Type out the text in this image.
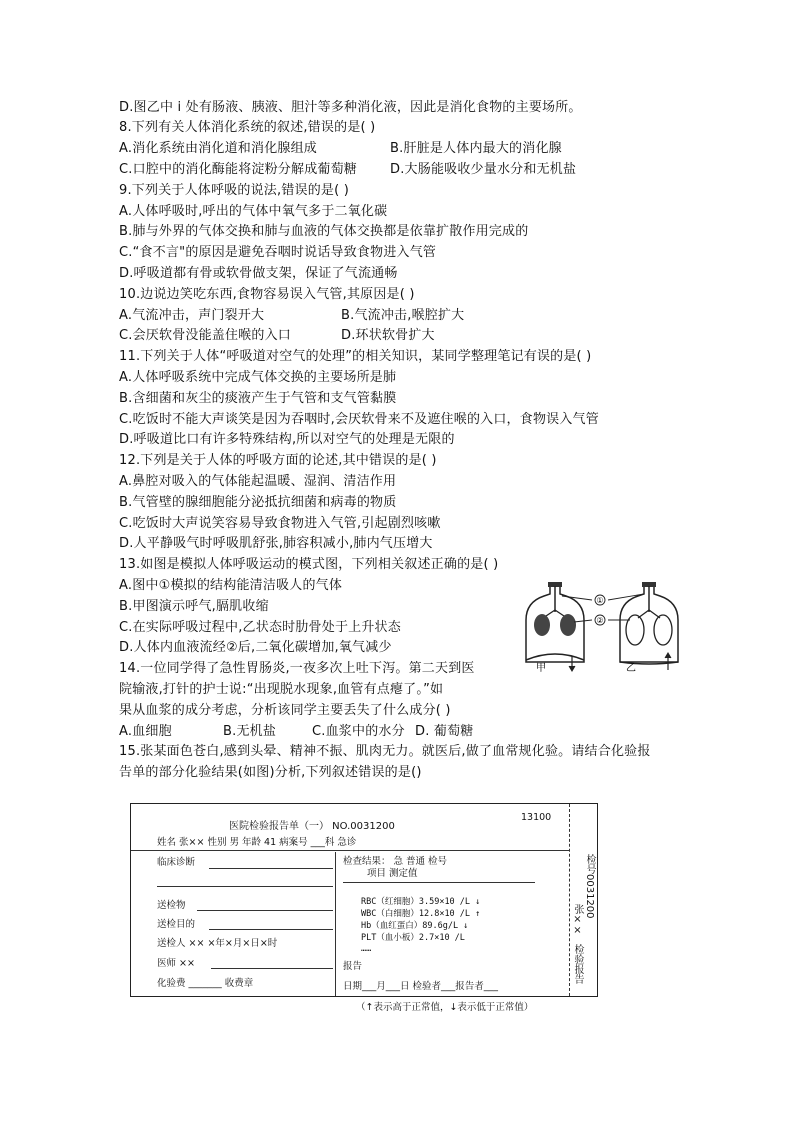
D.图乙中 i 处有肠液、胰液、胆汁等多种消化液，因此是消化食物的主要场所。
8.下列有关人体消化系统的叙述,错误的是( )
A.消化系统由消化道和消化腺组成	B.肝脏是人体内最大的消化腺
C.口腔中的消化酶能将淀粉分解成葡萄糖	D.大肠能吸收少量水分和无机盐
9.下列关于人体呼吸的说法,错误的是( )
A.人体呼吸时,呼出的气体中氧气多于二氧化碳
B.肺与外界的气体交换和肺与血液的气体交换都是依靠扩散作用完成的
C.“食不言"的原因是避免吞咽时说话导致食物进入气管
D.呼吸道都有骨或软骨做支架，保证了气流通畅
10.边说边笑吃东西,食物容易误入气管,其原因是( )
A.气流冲击，声门裂开大	B.气流冲击,喉腔扩大
C.会厌软骨没能盖住喉的入口	D.环状软骨扩大
11.下列关于人体“呼吸道对空气的处理”的相关知识，某同学整理笔记有误的是( )
A.人体呼吸系统中完成气体交换的主要场所是肺
B.含细菌和灰尘的痰液产生于气管和支气管黏膜
C.吃饭时不能大声谈笑是因为吞咽时,会厌软骨来不及遮住喉的入口，食物误入气管
D.呼吸道比口有许多特殊结构,所以对空气的处理是无限的
12.下列是关于人体的呼吸方面的论述,其中错误的是( )
A.鼻腔对吸入的气体能起温暖、湿润、清洁作用
B.气管壁的腺细胞能分泌抵抗细菌和病毒的物质
C.吃饭时大声说笑容易导致食物进入气管,引起剧烈咳嗽
D.人平静吸气时呼吸肌舒张,肺容积减小,肺内气压增大
13.如图是模拟人体呼吸运动的模式图，下列相关叙述正确的是( )
A.图中①模拟的结构能清洁吸人的气体
B.甲图演示呼气,膈肌收缩
C.在实际呼吸过程中,乙状态时肋骨处于上升状态
D.人体内血液流经②后,二氧化碳增加,氧气减少
14.一位同学得了急性胃肠炎,一夜多次上吐下泻。第二天到医
院输液,打针的护士说:“出现脱水现象,血管有点瘪了。”如
果从血浆的成分考虑，分析该同学主要丢失了什么成分( )
A.血细胞	B.无机盐	C.血浆中的水分 D. 葡萄糖
15.张某面色苍白,感到头晕、精神不振、肌肉无力。就医后,做了血常规化验。请结合化验报
告单的部分化验结果(如图)分析,下列叙述错误的是()
①
②
甲	乙
13100
医院检验报告单（一） NO.0031200
姓名 张×× 性别 男 年龄 41 病案号 ___科 急诊
临床诊断
送检物
送检目的
送检人 ×× ×年×月×日×时
医师 ××
化验费 _______ 收费章
检查结果： 急 普通 检号
项目 测定值
RBC（红细胞）3.59×10 /L ↓
WBC（白细胞）12.8×10 /L ↑
Hb（血红蛋白）89.6g/L ↓
PLT（血小板）2.7×10 /L
……
报告
日期___月___日 检验者___报告者___
检号0031200
张××
检验报告
（↑表示高于正常值，↓表示低于正常值）
